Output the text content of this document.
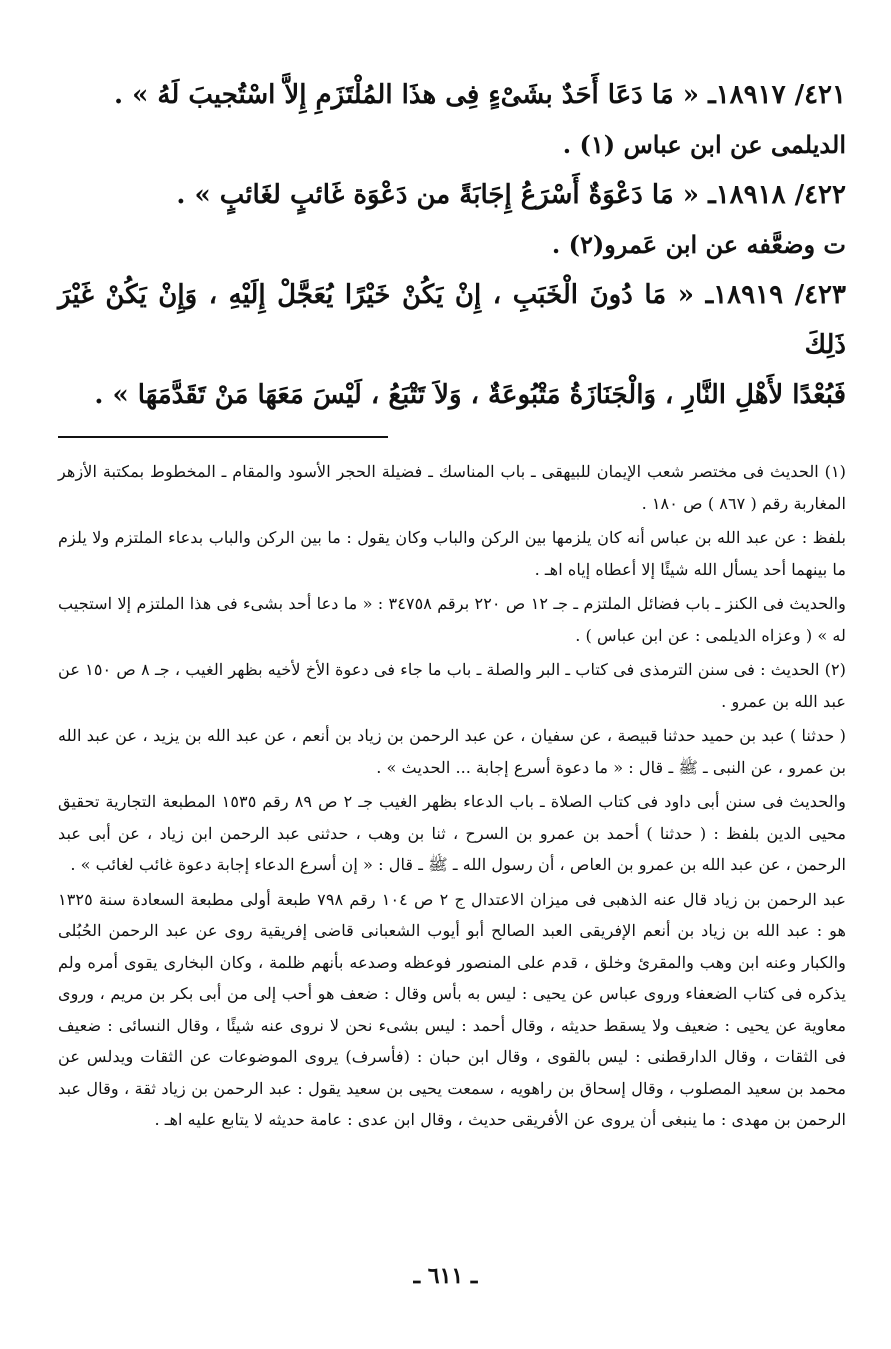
٤٢١/ ١٨٩١٧ـ « مَا دَعَا أَحَدٌ بشَىْءٍ فِى هذَا المُلْتَزَمِ إِلاَّ اسْتُجيبَ لَهُ » .

الديلمى عن ابن عباس (١) .

٤٢٢/ ١٨٩١٨ـ « مَا دَعْوَةٌ أَسْرَعُ إِجَابَةً من دَعْوَة غَائبٍ لغَائبٍ » .

ت وضعَّفه عن ابن عَمرو(٢) .

٤٢٣/ ١٨٩١٩ـ « مَا دُونَ الْخَبَبِ ، إِنْ يَكُنْ خَيْرًا يُعَجَّلْ إِلَيْهِ ، وَإِنْ يَكُنْ غَيْرَ ذَلِكَ

فَبُعْدًا لأَهْلِ النَّارِ ، وَالْجَنَازَةُ مَتْبُوعَةٌ ، وَلاَ تَتْبَعُ ، لَيْسَ مَعَهَا مَنْ تَقَدَّمَهَا » .

(١) الحديث فى مختصر شعب الإيمان للبيهقى ـ باب المناسك ـ فضيلة الحجر الأسود والمقام ـ المخطوط بمكتبة الأزهر المغاربة رقم ( ٨٦٧ ) ص ١٨٠ .

بلفظ : عن عبد الله بن عباس أنه كان يلزمها بين الركن والباب وكان يقول : ما بين الركن والباب بدعاء الملتزم ولا يلزم ما بينهما أحد يسأل الله شيئًا إلا أعطاه إياه اهـ .

والحديث فى الكنز ـ باب فضائل الملتزم ـ جـ ١٢ ص ٢٢٠ برقم ٣٤٧٥٨ : « ما دعا أحد بشىء فى هذا الملتزم إلا استجيب له » ( وعزاه الديلمى : عن ابن عباس ) .

(٢) الحديث : فى سنن الترمذى فى كتاب ـ البر والصلة ـ باب ما جاء فى دعوة الأخ لأخيه بظهر الغيب ، جـ ٨ ص ١٥٠ عن عبد الله بن عمرو .

( حدثنا ) عبد بن حميد حدثنا قبيصة ، عن سفيان ، عن عبد الرحمن بن زياد بن أنعم ، عن عبد الله بن يزيد ، عن عبد الله بن عمرو ، عن النبى ـ ﷺ ـ قال : « ما دعوة أسرع إجابة ... الحديث » .

والحديث فى سنن أبى داود فى كتاب الصلاة ـ باب الدعاء بظهر الغيب جـ ٢ ص ٨٩ رقم ١٥٣٥ المطبعة التجارية تحقيق محيى الدين بلفظ : ( حدثنا ) أحمد بن عمرو بن السرح ، ثنا بن وهب ، حدثنى عبد الرحمن ابن زياد ، عن أبى عبد الرحمن ، عن عبد الله بن عمرو بن العاص ، أن رسول الله ـ ﷺ ـ قال : « إن أسرع الدعاء إجابة دعوة غائب لغائب » .

عبد الرحمن بن زياد قال عنه الذهبى فى ميزان الاعتدال ج ٢ ص ١٠٤ رقم ٧٩٨ طبعة أولى مطبعة السعادة سنة ١٣٢٥ هو : عبد الله بن زياد بن أنعم الإفريقى العبد الصالح أبو أيوب الشعبانى قاضى إفريقية روى عن عبد الرحمن الحُبُلى والكبار وعنه ابن وهب والمقرئ وخلق ، قدم على المنصور فوعظه وصدعه بأنهم ظلمة ، وكان البخارى يقوى أمره ولم يذكره فى كتاب الضعفاء وروى عباس عن يحيى : ليس به بأس وقال : ضعف هو أحب إلى من أبى بكر بن مريم ، وروى معاوية عن يحيى : ضعيف ولا يسقط حديثه ، وقال أحمد : ليس بشىء نحن لا نروى عنه شيئًا ، وقال النسائى : ضعيف فى الثقات ، وقال الدارقطنى : ليس بالقوى ، وقال ابن حبان : (فأسرف) يروى الموضوعات عن الثقات ويدلس عن محمد بن سعيد المصلوب ، وقال إسحاق بن راهويه ، سمعت يحيى بن سعيد يقول : عبد الرحمن بن زياد ثقة ، وقال عبد الرحمن بن مهدى : ما ينبغى أن يروى عن الأفريقى حديث ، وقال ابن عدى : عامة حديثه لا يتابع عليه اهـ .

ـ ٦١١ ـ
